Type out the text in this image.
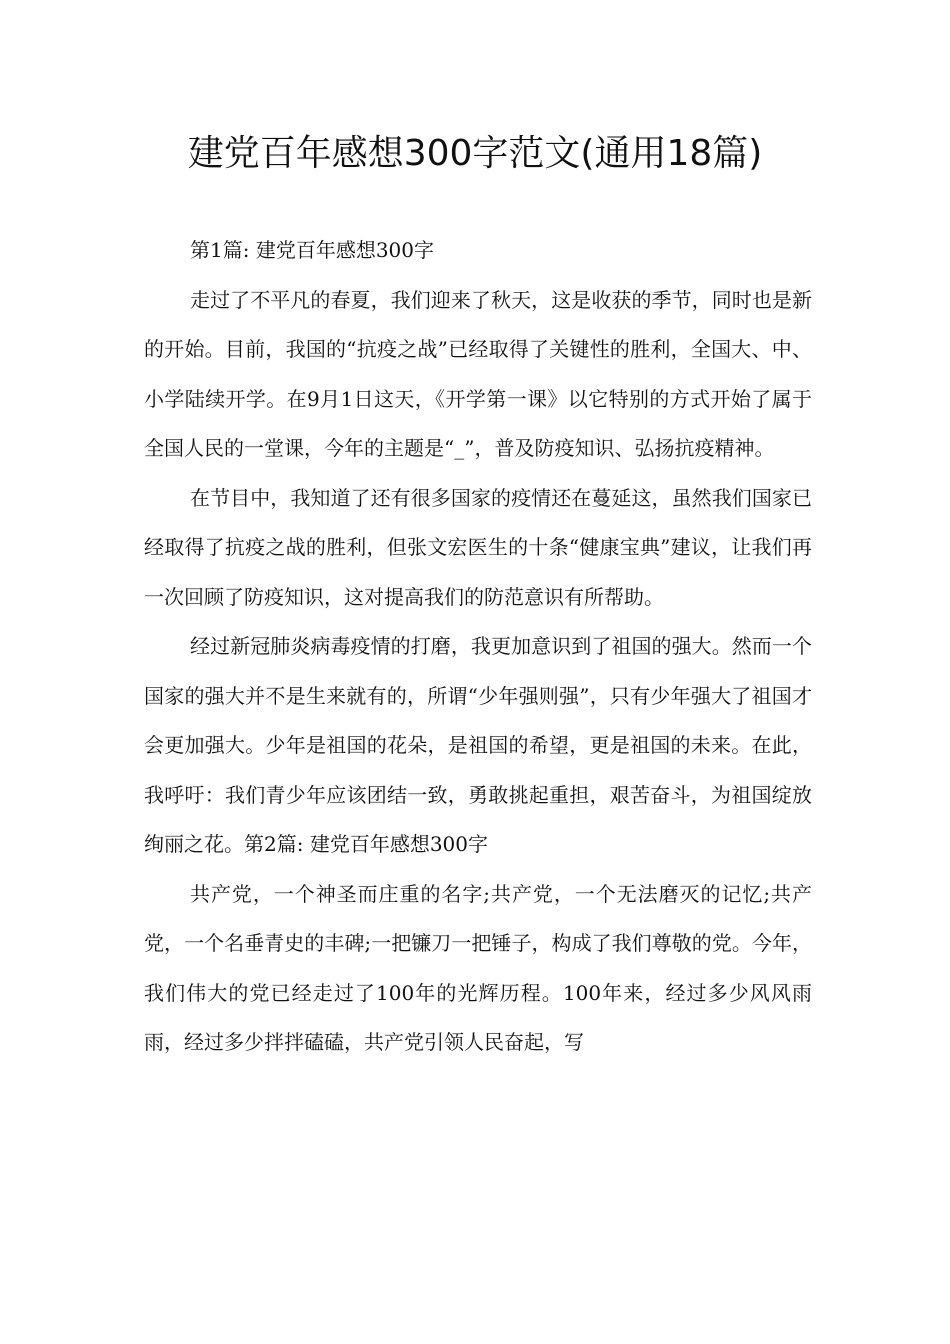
建党百年感想300字范文(通用18篇)

第1篇: 建党百年感想300字

走过了不平凡的春夏，我们迎来了秋天，这是收获的季节，同时也是新的开始。目前，我国的“抗疫之战”已经取得了关键性的胜利，全国大、中、小学陆续开学。在9月1日这天，《开学第一课》以它特别的方式开始了属于全国人民的一堂课，今年的主题是“_”，普及防疫知识、弘扬抗疫精神。

在节目中，我知道了还有很多国家的疫情还在蔓延这，虽然我们国家已经取得了抗疫之战的胜利，但张文宏医生的十条“健康宝典”建议，让我们再一次回顾了防疫知识，这对提高我们的防范意识有所帮助。

经过新冠肺炎病毒疫情的打磨，我更加意识到了祖国的强大。然而一个国家的强大并不是生来就有的，所谓“少年强则强”，只有少年强大了祖国才会更加强大。少年是祖国的花朵，是祖国的希望，更是祖国的未来。在此，我呼吁：我们青少年应该团结一致，勇敢挑起重担，艰苦奋斗，为祖国绽放绚丽之花。第2篇: 建党百年感想300字

共产党，一个神圣而庄重的名字;共产党，一个无法磨灭的记忆;共产党，一个名垂青史的丰碑;一把镰刀一把锤子，构成了我们尊敬的党。今年，我们伟大的党已经走过了100年的光辉历程。100年来，经过多少风风雨雨，经过多少拌拌磕磕，共产党引领人民奋起，写
